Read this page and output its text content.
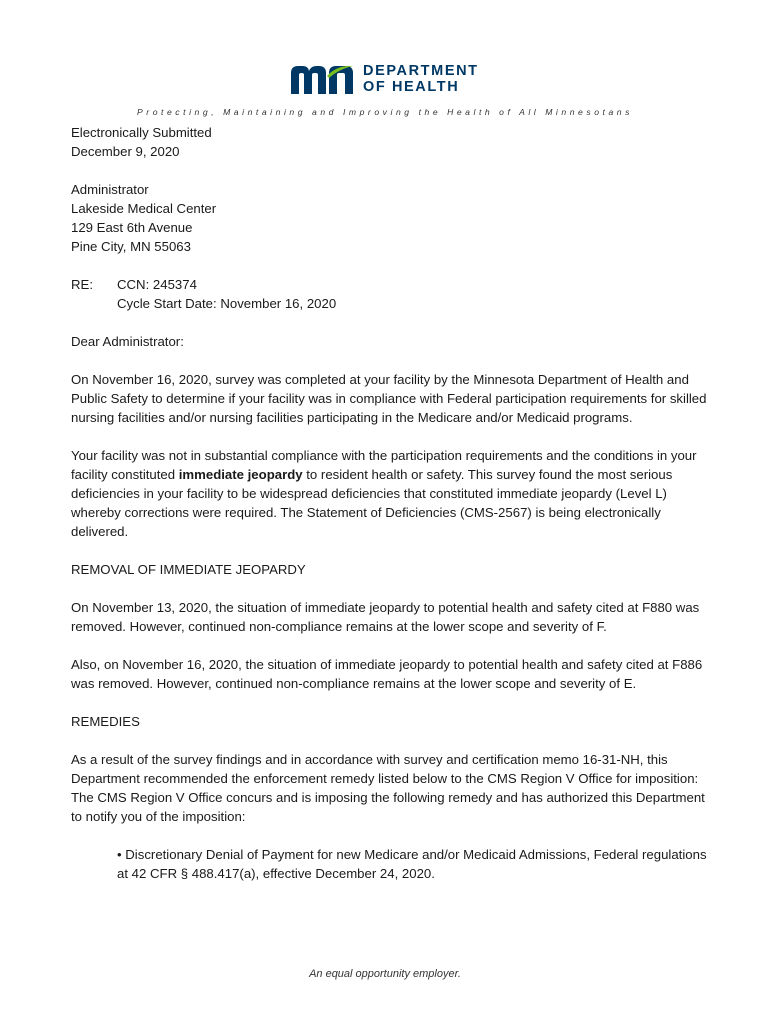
DEPARTMENT
OF HEALTH
Protecting, Maintaining and Improving the Health of All Minnesotans

Electronically Submitted

December 9, 2020

Administrator

Lakeside Medical Center

129 East 6th Avenue

Pine City, MN 55063

RE:	CCN: 245374

Cycle Start Date: November 16, 2020

Dear Administrator:

On November 16, 2020, survey was completed at your facility by the Minnesota Department of Health and Public Safety to determine if your facility was in compliance with Federal participation requirements for skilled nursing facilities and/or nursing facilities participating in the Medicare and/or Medicaid programs.

Your facility was not in substantial compliance with the participation requirements and the conditions in your facility constituted immediate jeopardy to resident health or safety. This survey found the most serious deficiencies in your facility to be widespread deficiencies that constituted immediate jeopardy (Level L) whereby corrections were required. The Statement of Deficiencies (CMS-2567) is being electronically delivered.

REMOVAL OF IMMEDIATE JEOPARDY

On November 13, 2020, the situation of immediate jeopardy to potential health and safety cited at F880 was removed. However, continued non-compliance remains at the lower scope and severity of F.

Also, on November 16, 2020, the situation of immediate jeopardy to potential health and safety cited at F886 was removed. However, continued non-compliance remains at the lower scope and severity of E.

REMEDIES

As a result of the survey findings and in accordance with survey and certification memo 16-31-NH, this Department recommended the enforcement remedy listed below to the CMS Region V Office for imposition: The CMS Region V Office concurs and is imposing the following remedy and has authorized this Department to notify you of the imposition:

• Discretionary Denial of Payment for new Medicare and/or Medicaid Admissions, Federal regulations at 42 CFR § 488.417(a), effective December 24, 2020.

An equal opportunity employer.
